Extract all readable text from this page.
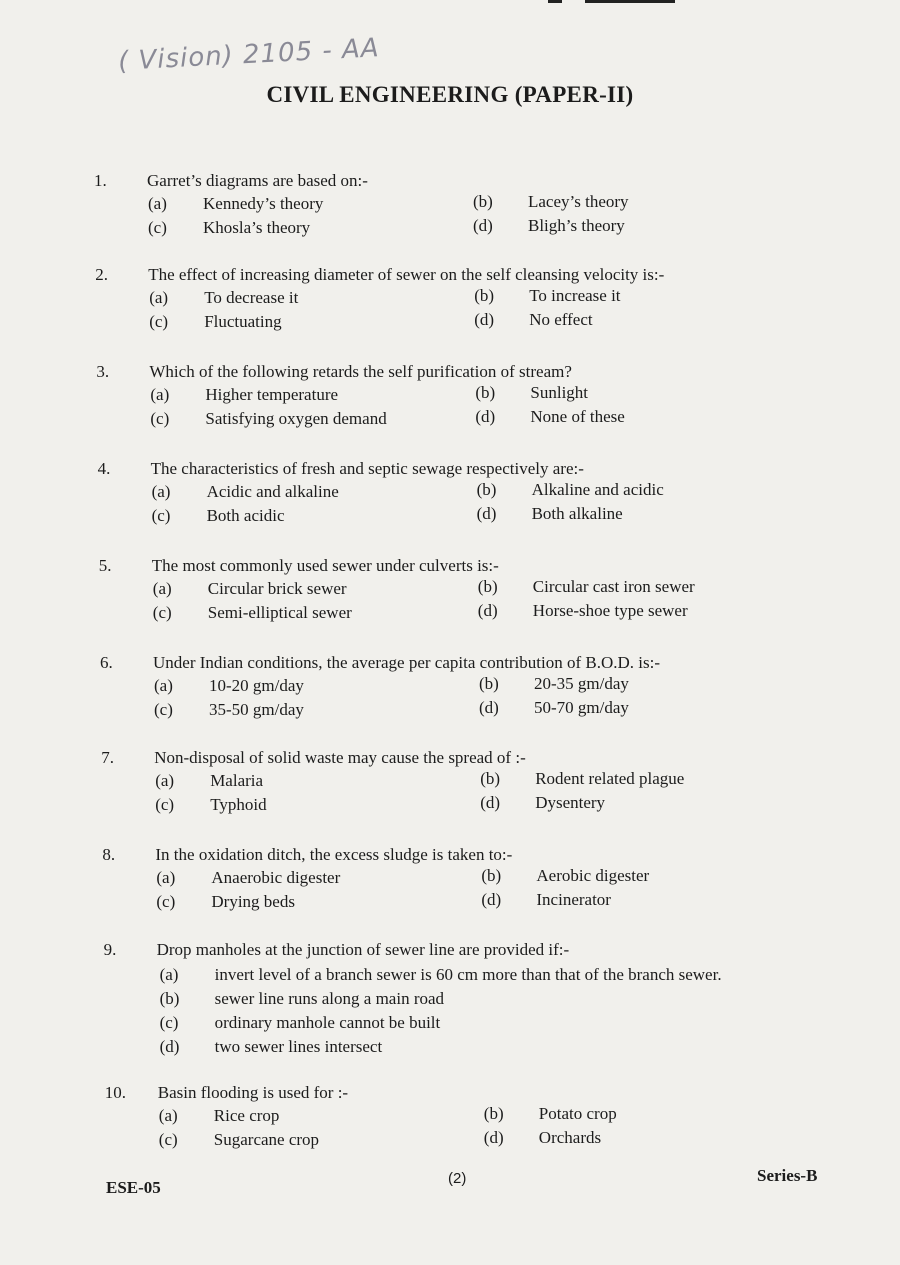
( Vision) 2105 - AA
CIVIL ENGINEERING (PAPER-II)
1. Garret’s diagrams are based on:-
(a) Kennedy’s theory	(b) Lacey’s theory
(c) Khosla’s theory	(d) Bligh’s theory
2. The effect of increasing diameter of sewer on the self cleansing velocity is:-
(a) To decrease it	(b) To increase it
(c) Fluctuating	(d) No effect
3. Which of the following retards the self purification of stream?
(a) Higher temperature	(b) Sunlight
(c) Satisfying oxygen demand	(d) None of these
4. The characteristics of fresh and septic sewage respectively are:-
(a) Acidic and alkaline	(b) Alkaline and acidic
(c) Both acidic	(d) Both alkaline
5. The most commonly used sewer under culverts is:-
(a) Circular brick sewer	(b) Circular cast iron sewer
(c) Semi-elliptical sewer	(d) Horse-shoe type sewer
6. Under Indian conditions, the average per capita contribution of B.O.D. is:-
(a) 10-20 gm/day	(b) 20-35 gm/day
(c) 35-50 gm/day	(d) 50-70 gm/day
7. Non-disposal of solid waste may cause the spread of :-
(a) Malaria	(b) Rodent related plague
(c) Typhoid	(d) Dysentery
8. In the oxidation ditch, the excess sludge is taken to:-
(a) Anaerobic digester	(b) Aerobic digester
(c) Drying beds	(d) Incinerator
9. Drop manholes at the junction of sewer line are provided if:-
(a) invert level of a branch sewer is 60 cm more than that of the branch sewer.
(b) sewer line runs along a main road
(c) ordinary manhole cannot be built
(d) two sewer lines intersect
10. Basin flooding is used for :-
(a) Rice crop	(b) Potato crop
(c) Sugarcane crop	(d) Orchards
ESE-05	(2)	Series-B
